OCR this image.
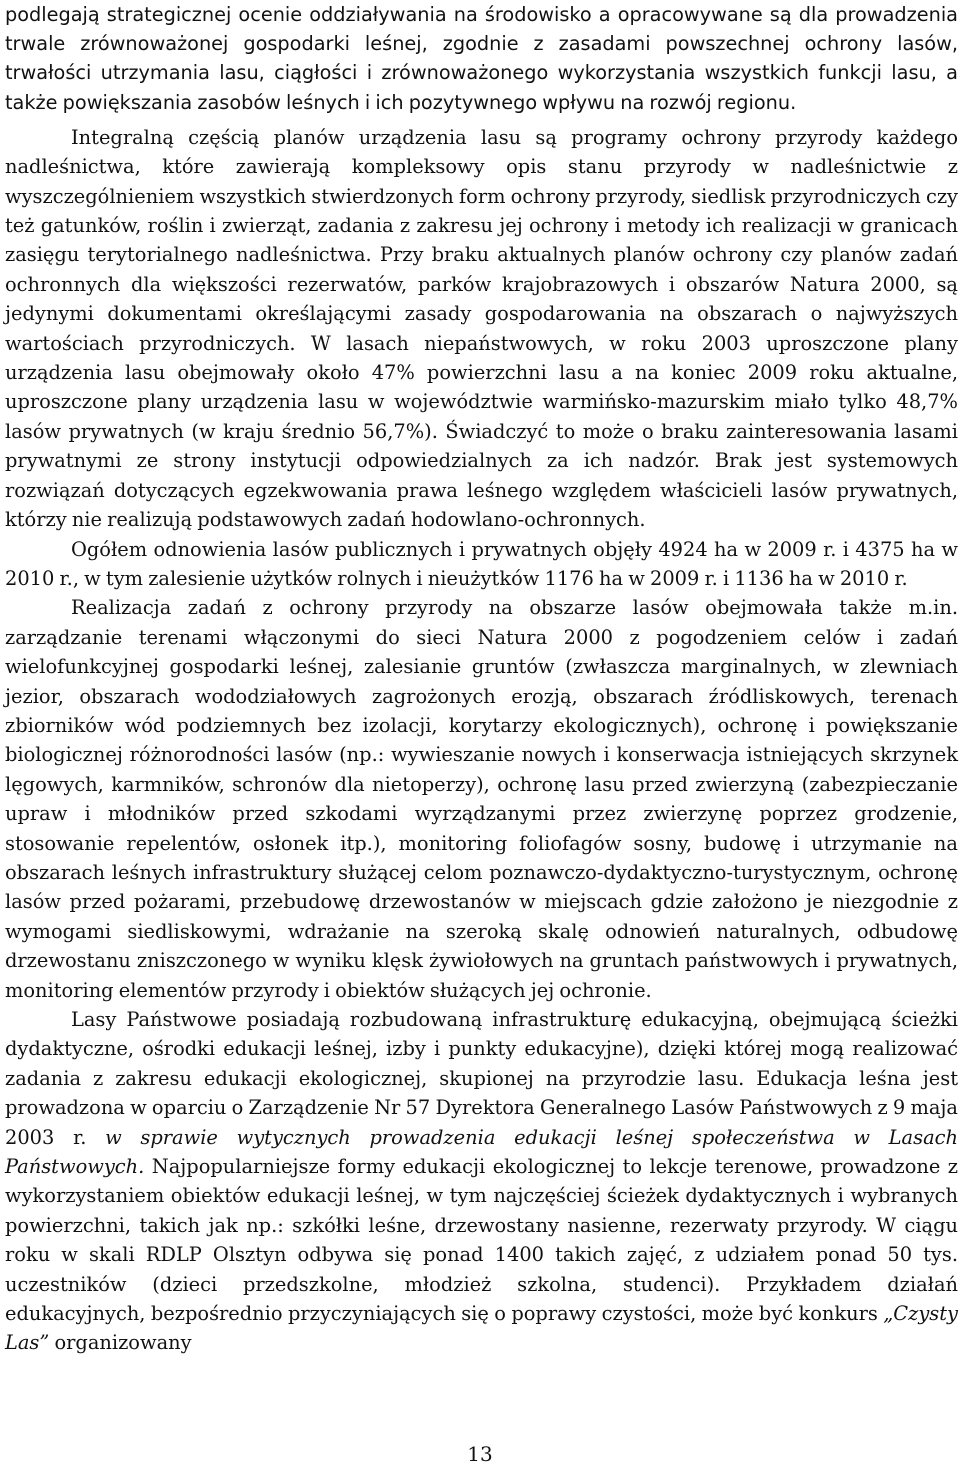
podlegają strategicznej ocenie oddziaływania na środowisko a opracowywane są dla prowadzenia trwale zrównoważonej gospodarki leśnej, zgodnie z zasadami powszechnej ochrony lasów, trwałości utrzymania lasu, ciągłości i zrównoważonego wykorzystania wszystkich funkcji lasu, a także powiększania zasobów leśnych i ich pozytywnego wpływu na rozwój regionu.

Integralną częścią planów urządzenia lasu są programy ochrony przyrody każdego nadleśnictwa, które zawierają kompleksowy opis stanu przyrody w nadleśnictwie z wyszczególnieniem wszystkich stwierdzonych form ochrony przyrody, siedlisk przyrodniczych czy też gatunków, roślin i zwierząt, zadania z zakresu jej ochrony i metody ich realizacji w granicach zasięgu terytorialnego nadleśnictwa. Przy braku aktualnych planów ochrony czy planów zadań ochronnych dla większości rezerwatów, parków krajobrazowych i obszarów Natura 2000, są jedynymi dokumentami określającymi zasady gospodarowania na obszarach o najwyższych wartościach przyrodniczych. W lasach niepaństwowych, w roku 2003 uproszczone plany urządzenia lasu obejmowały około 47% powierzchni lasu a na koniec 2009 roku aktualne, uproszczone plany urządzenia lasu w województwie warmińsko-mazurskim miało tylko 48,7% lasów prywatnych (w kraju średnio 56,7%). Świadczyć to może o braku zainteresowania lasami prywatnymi ze strony instytucji odpowiedzialnych za ich nadzór. Brak jest systemowych rozwiązań dotyczących egzekwowania prawa leśnego względem właścicieli lasów prywatnych, którzy nie realizują podstawowych zadań hodowlano-ochronnych.

Ogółem odnowienia lasów publicznych i prywatnych objęły 4924 ha w 2009 r. i 4375 ha w 2010 r., w tym zalesienie użytków rolnych i nieużytków 1176 ha w 2009 r. i 1136 ha w 2010 r.

Realizacja zadań z ochrony przyrody na obszarze lasów obejmowała także m.in. zarządzanie terenami włączonymi do sieci Natura 2000 z pogodzeniem celów i zadań wielofunkcyjnej gospodarki leśnej, zalesianie gruntów (zwłaszcza marginalnych, w zlewniach jezior, obszarach wododziałowych zagrożonych erozją, obszarach źródliskowych, terenach zbiorników wód podziemnych bez izolacji, korytarzy ekologicznych), ochronę i powiększanie biologicznej różnorodności lasów (np.: wywieszanie nowych i konserwacja istniejących skrzynek lęgowych, karmników, schronów dla nietoperzy), ochronę lasu przed zwierzyną (zabezpieczanie upraw i młodników przed szkodami wyrządzanymi przez zwierzynę poprzez grodzenie, stosowanie repelentów, osłonek itp.), monitoring foliofagów sosny, budowę i utrzymanie na obszarach leśnych infrastruktury służącej celom poznawczo-dydaktyczno-turystycznym, ochronę lasów przed pożarami, przebudowę drzewostanów w miejscach gdzie założono je niezgodnie z wymogami siedliskowymi, wdrażanie na szeroką skalę odnowień naturalnych, odbudowę drzewostanu zniszczonego w wyniku klęsk żywiołowych na gruntach państwowych i prywatnych, monitoring elementów przyrody i obiektów służących jej ochronie.

Lasy Państwowe posiadają rozbudowaną infrastrukturę edukacyjną, obejmującą ścieżki dydaktyczne, ośrodki edukacji leśnej, izby i punkty edukacyjne), dzięki której mogą realizować zadania z zakresu edukacji ekologicznej, skupionej na przyrodzie lasu. Edukacja leśna jest prowadzona w oparciu o Zarządzenie Nr 57 Dyrektora Generalnego Lasów Państwowych z 9 maja 2003 r. w sprawie wytycznych prowadzenia edukacji leśnej społeczeństwa w Lasach Państwowych. Najpopularniejsze formy edukacji ekologicznej to lekcje terenowe, prowadzone z wykorzystaniem obiektów edukacji leśnej, w tym najczęściej ścieżek dydaktycznych i wybranych powierzchni, takich jak np.: szkółki leśne, drzewostany nasienne, rezerwaty przyrody. W ciągu roku w skali RDLP Olsztyn odbywa się ponad 1400 takich zajęć, z udziałem ponad 50 tys. uczestników (dzieci przedszkolne, młodzież szkolna, studenci). Przykładem działań edukacyjnych, bezpośrednio przyczyniających się o poprawy czystości, może być konkurs „Czysty Las” organizowany

13
